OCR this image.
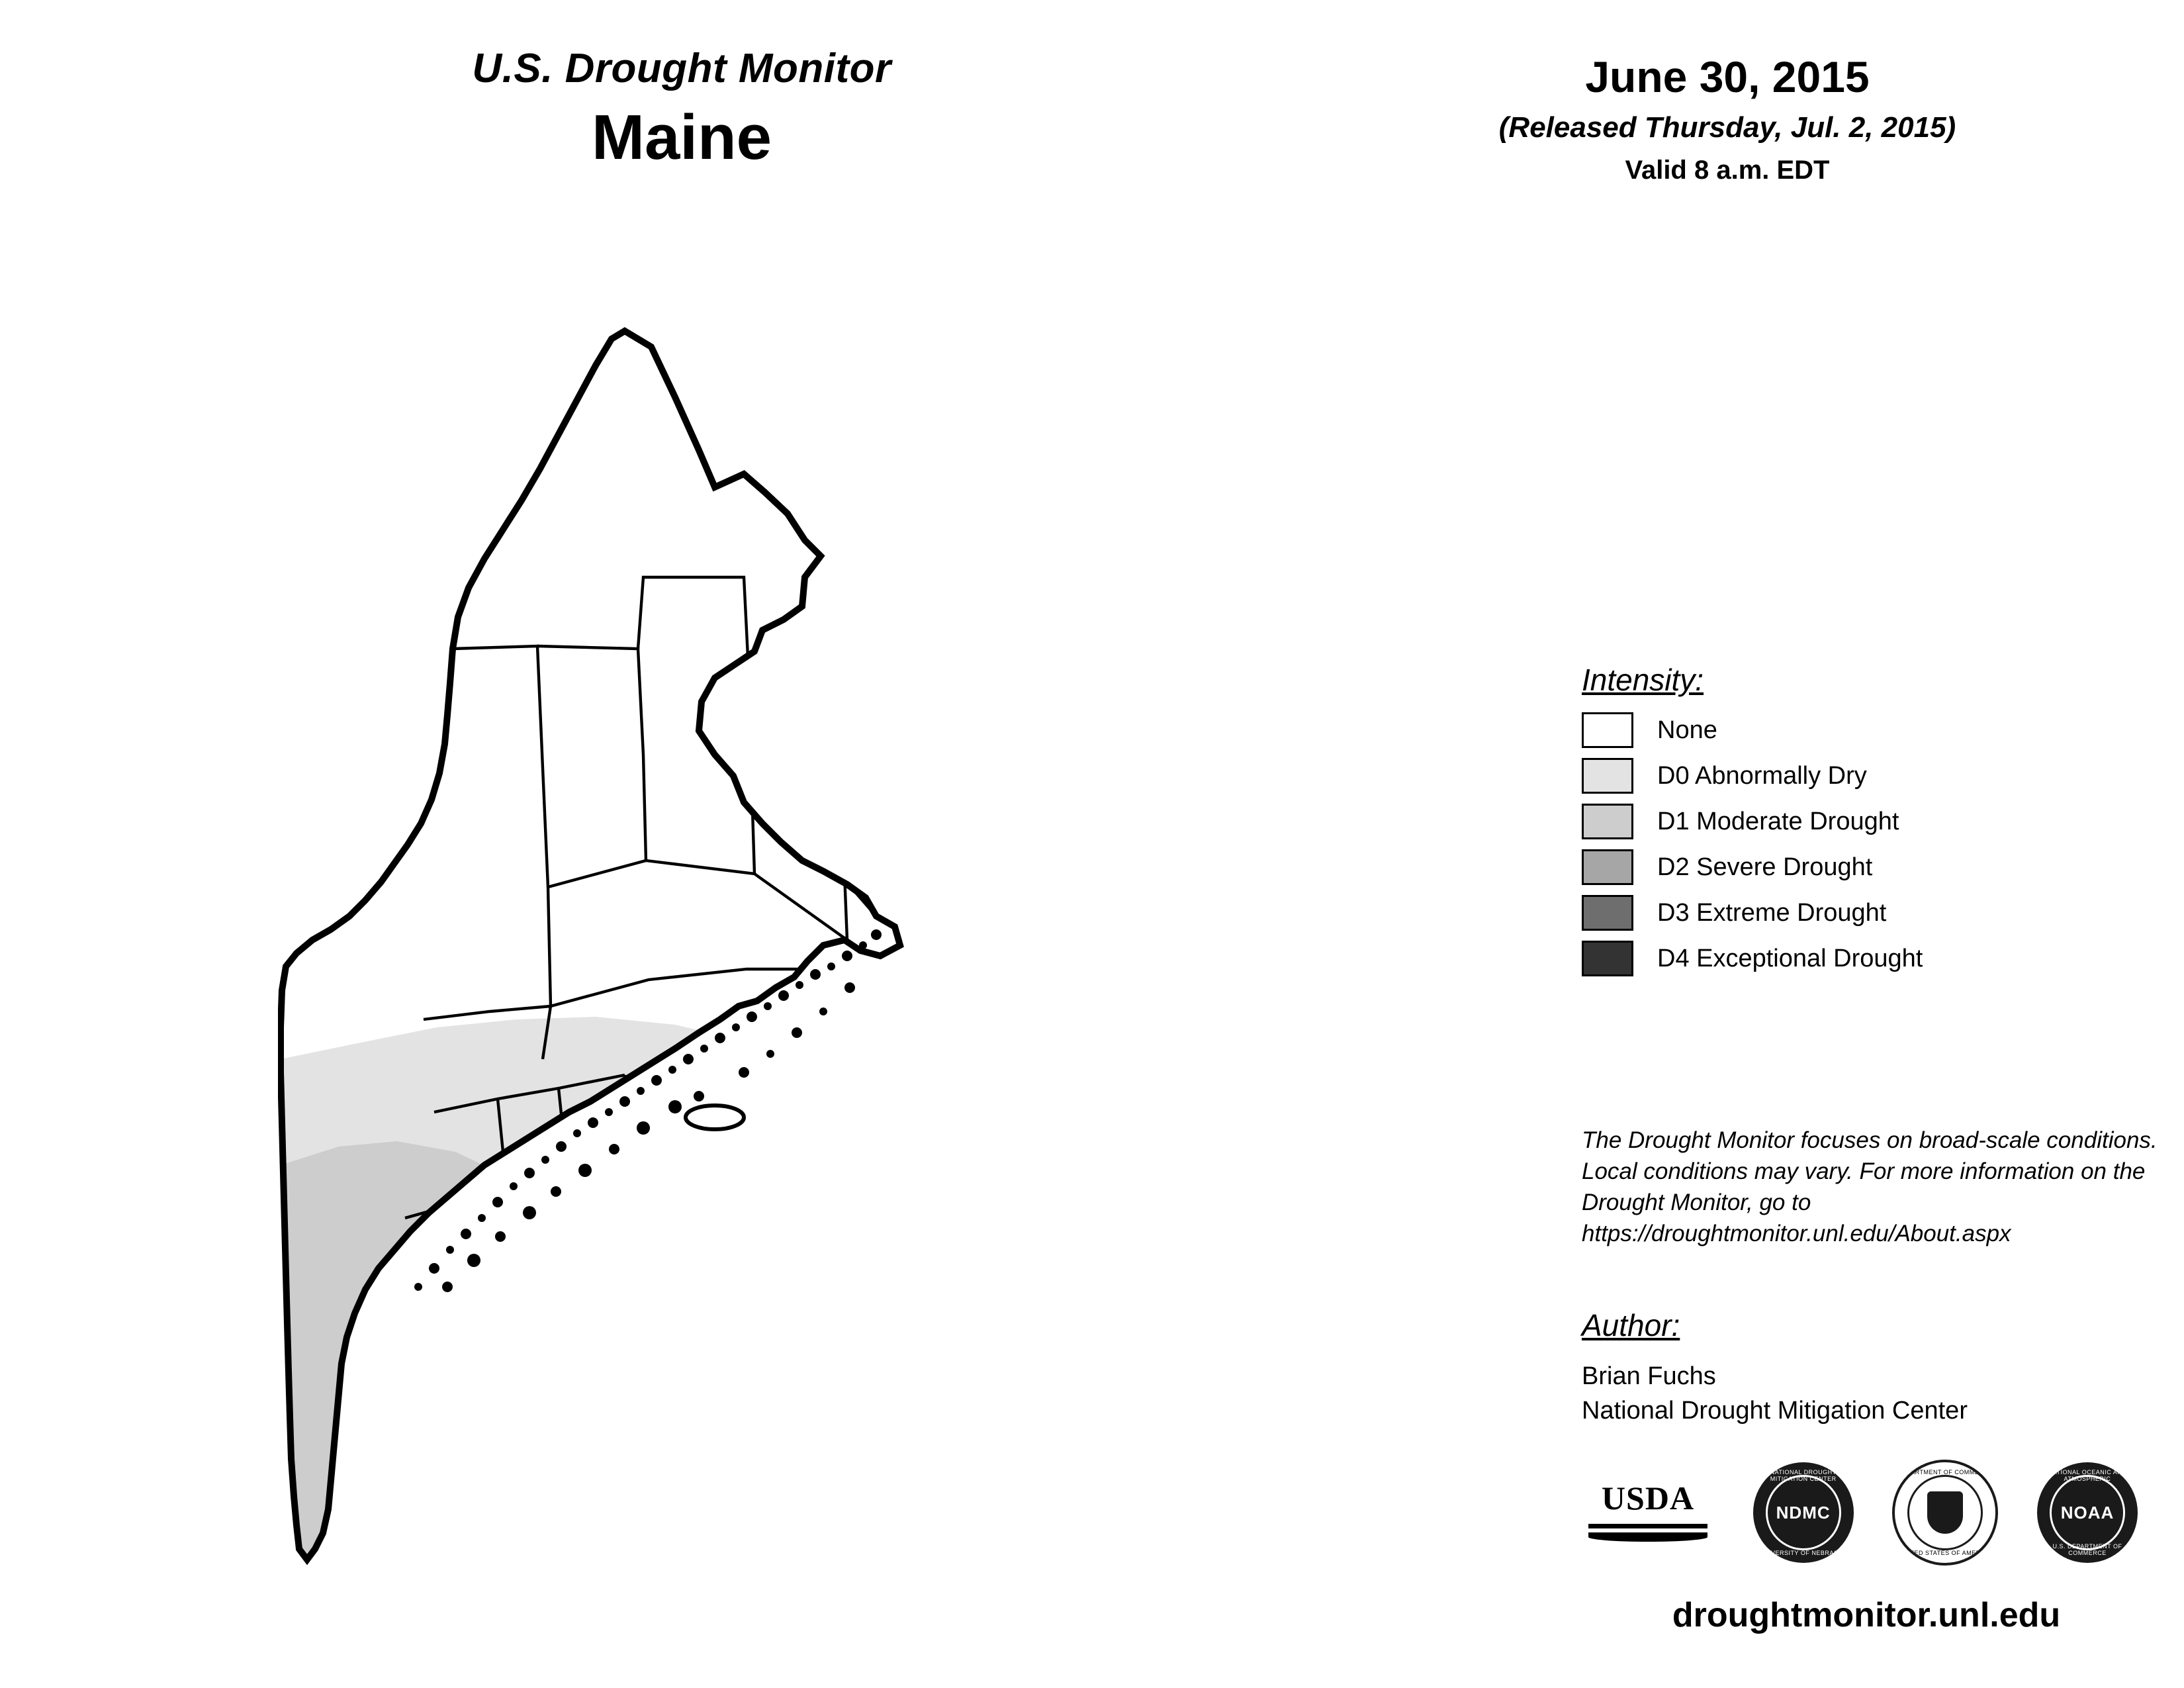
U.S. Drought Monitor
Maine
June 30, 2015
(Released Thursday, Jul. 2, 2015)
Valid 8 a.m. EDT
Intensity:
None
D0 Abnormally Dry
D1 Moderate Drought
D2 Severe Drought
D3 Extreme Drought
D4 Exceptional Drought
The Drought Monitor focuses on broad-scale conditions. Local conditions may vary. For more information on the Drought Monitor, go to https://droughtmonitor.unl.edu/About.aspx
Author:
Brian Fuchs
National Drought Mitigation Center
USDA
NATIONAL DROUGHT MITIGATION CENTER
NDMC
UNIVERSITY OF NEBRASKA
DEPARTMENT OF COMMERCE
UNITED STATES OF AMERICA
NATIONAL OCEANIC AND ATMOSPHERIC
NOAA
U.S. DEPARTMENT OF COMMERCE
droughtmonitor.unl.edu
